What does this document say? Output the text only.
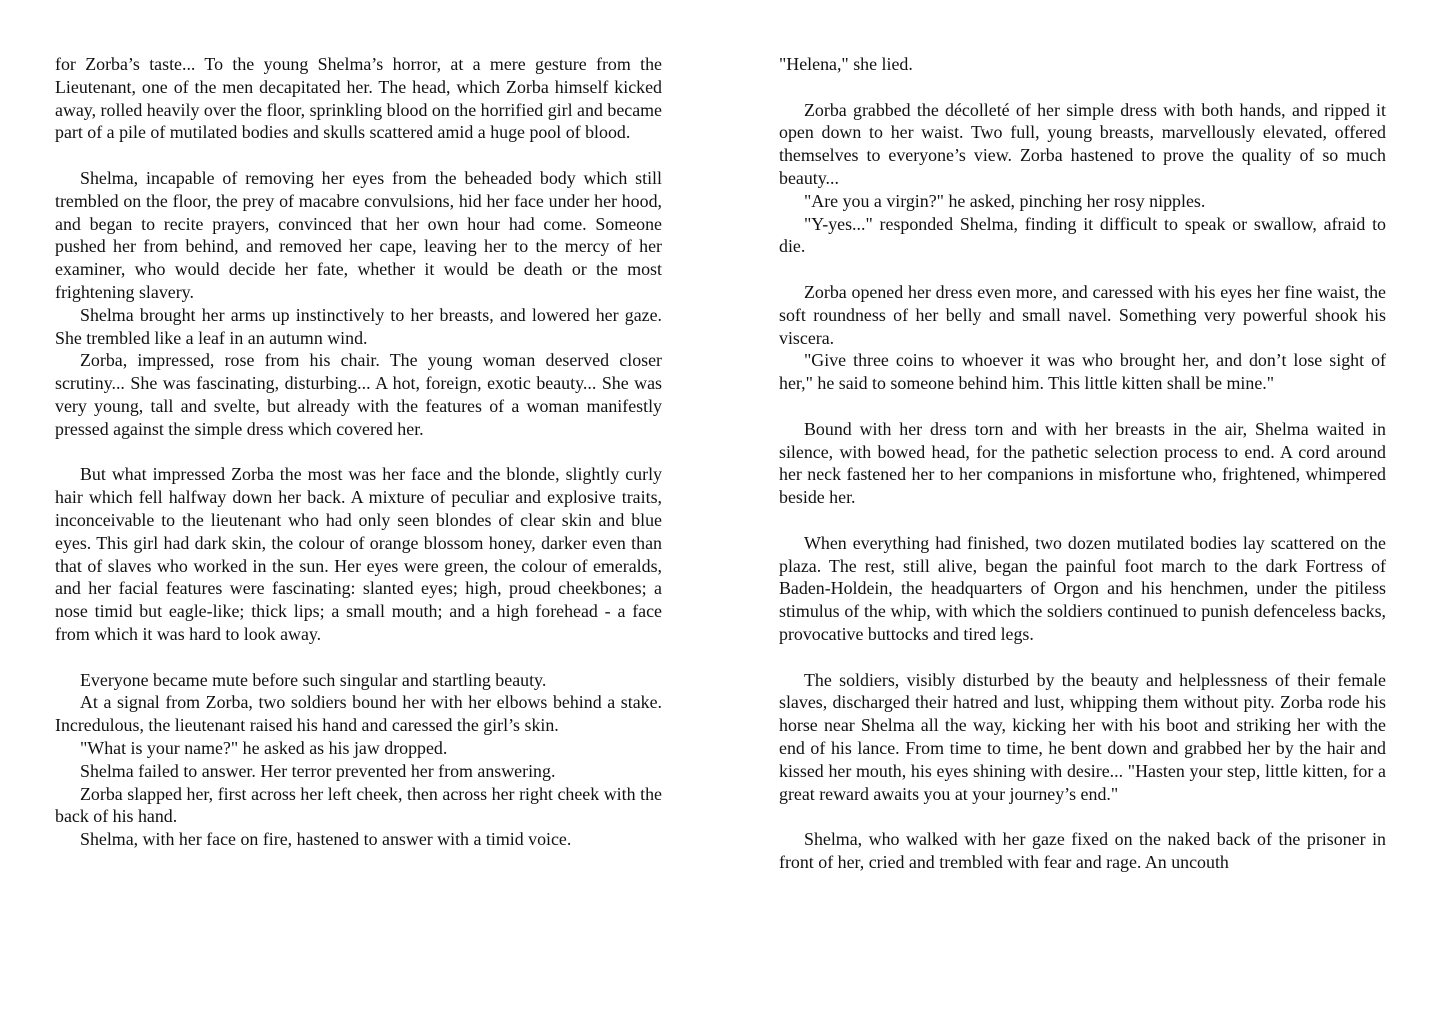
for Zorba’s taste... To the young Shelma’s horror, at a mere gesture from the Lieutenant, one of the men decapitated her. The head, which Zorba himself kicked away, rolled heavily over the floor, sprinkling blood on the horrified girl and became part of a pile of mutilated bodies and skulls scattered amid a huge pool of blood.

Shelma, incapable of removing her eyes from the beheaded body which still trembled on the floor, the prey of macabre convulsions, hid her face under her hood, and began to recite prayers, convinced that her own hour had come. Someone pushed her from behind, and removed her cape, leaving her to the mercy of her examiner, who would decide her fate, whether it would be death or the most frightening slavery.

Shelma brought her arms up instinctively to her breasts, and lowered her gaze. She trembled like a leaf in an autumn wind.

Zorba, impressed, rose from his chair. The young woman deserved closer scrutiny... She was fascinating, disturbing... A hot, foreign, exotic beauty... She was very young, tall and svelte, but already with the features of a woman manifestly pressed against the simple dress which covered her.

But what impressed Zorba the most was her face and the blonde, slightly curly hair which fell halfway down her back. A mixture of peculiar and explosive traits, inconceivable to the lieutenant who had only seen blondes of clear skin and blue eyes. This girl had dark skin, the colour of orange blossom honey, darker even than that of slaves who worked in the sun. Her eyes were green, the colour of emeralds, and her facial features were fascinating: slanted eyes; high, proud cheekbones; a nose timid but eagle-like; thick lips; a small mouth; and a high forehead - a face from which it was hard to look away.

Everyone became mute before such singular and startling beauty.

At a signal from Zorba, two soldiers bound her with her elbows behind a stake. Incredulous, the lieutenant raised his hand and caressed the girl’s skin.

"What is your name?" he asked as his jaw dropped.

Shelma failed to answer. Her terror prevented her from answering.

Zorba slapped her, first across her left cheek, then across her right cheek with the back of his hand.

Shelma, with her face on fire, hastened to answer with a timid voice.

"Helena," she lied.

Zorba grabbed the décolleté of her simple dress with both hands, and ripped it open down to her waist. Two full, young breasts, marvellously elevated, offered themselves to everyone’s view. Zorba hastened to prove the quality of so much beauty...

"Are you a virgin?" he asked, pinching her rosy nipples.

"Y-yes..." responded Shelma, finding it difficult to speak or swallow, afraid to die.

Zorba opened her dress even more, and caressed with his eyes her fine waist, the soft roundness of her belly and small navel. Something very powerful shook his viscera.

"Give three coins to whoever it was who brought her, and don’t lose sight of her," he said to someone behind him. This little kitten shall be mine."

Bound with her dress torn and with her breasts in the air, Shelma waited in silence, with bowed head, for the pathetic selection process to end. A cord around her neck fastened her to her companions in misfortune who, frightened, whimpered beside her.

When everything had finished, two dozen mutilated bodies lay scattered on the plaza. The rest, still alive, began the painful foot march to the dark Fortress of Baden-Holdein, the headquarters of Orgon and his henchmen, under the pitiless stimulus of the whip, with which the soldiers continued to punish defenceless backs, provocative buttocks and tired legs.

The soldiers, visibly disturbed by the beauty and helplessness of their female slaves, discharged their hatred and lust, whipping them without pity. Zorba rode his horse near Shelma all the way, kicking her with his boot and striking her with the end of his lance. From time to time, he bent down and grabbed her by the hair and kissed her mouth, his eyes shining with desire... "Hasten your step, little kitten, for a great reward awaits you at your journey’s end."

Shelma, who walked with her gaze fixed on the naked back of the prisoner in front of her, cried and trembled with fear and rage. An uncouth
